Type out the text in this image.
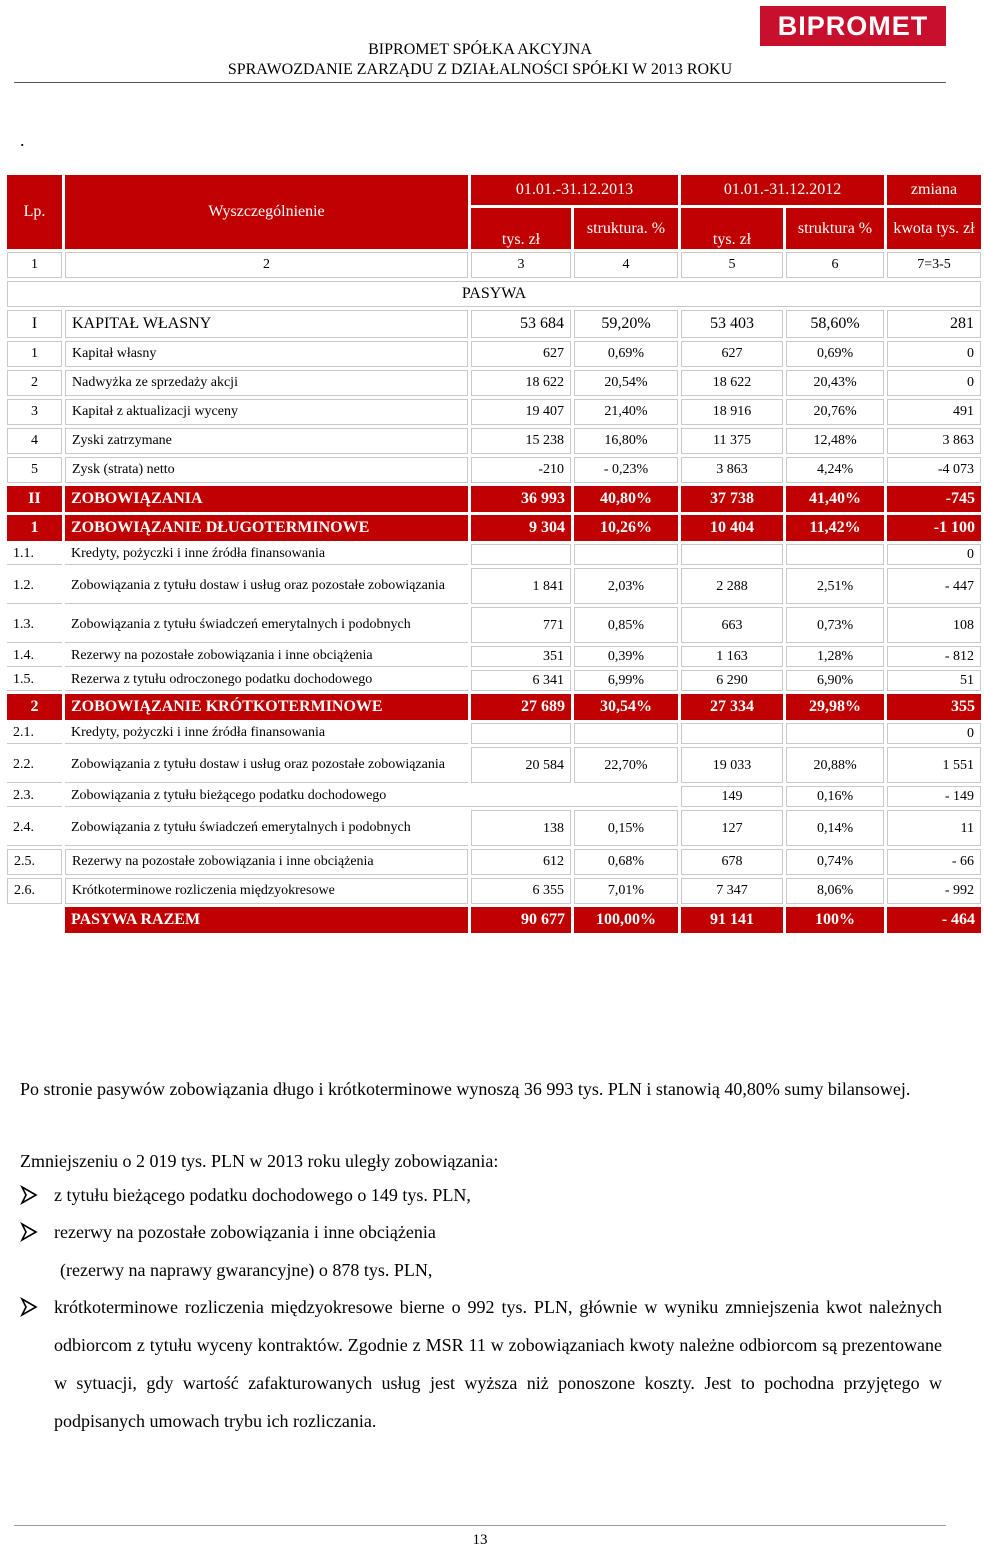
BIPROMET
BIPROMET SPÓŁKA AKCYJNA
SPRAWOZDANIE ZARZĄDU Z DZIAŁALNOŚCI SPÓŁKI W 2013 ROKU
.
Lp.	Wyszczególnienie	01.01.-31.12.2013		01.01.-31.12.2012		zmiana
		tys. zł	struktura. %	tys. zł	struktura %	kwota tys. zł
1	2	3	4	5	6	7=3-5
PASYWA						
I	KAPITAŁ WŁASNY	53 684	59,20%	53 403	58,60%	281
1	Kapitał własny	627	0,69%	627	0,69%	0
2	Nadwyżka ze sprzedaży akcji	18 622	20,54%	18 622	20,43%	0
3	Kapitał z aktualizacji wyceny	19 407	21,40%	18 916	20,76%	491
4	Zyski zatrzymane	15 238	16,80%	11 375	12,48%	3 863
5	Zysk (strata) netto	-210	- 0,23%	3 863	4,24%	-4 073
II	ZOBOWIĄZANIA	36 993	40,80%	37 738	41,40%	-745
1	ZOBOWIĄZANIE DŁUGOTERMINOWE	9 304	10,26%	10 404	11,42%	-1 100
1.1.	Kredyty, pożyczki i inne źródła finansowania					0
1.2.	Zobowiązania z tytułu dostaw i usług oraz pozostałe zobowiązania	1 841	2,03%	2 288	2,51%	- 447
1.3.	Zobowiązania z tytułu świadczeń emerytalnych i podobnych	771	0,85%	663	0,73%	108
1.4.	Rezerwy na pozostałe zobowiązania i inne obciążenia	351	0,39%	1 163	1,28%	- 812
1.5.	Rezerwa z tytułu odroczonego podatku dochodowego	6 341	6,99%	6 290	6,90%	51
2	ZOBOWIĄZANIE KRÓTKOTERMINOWE	27 689	30,54%	27 334	29,98%	355
2.1.	Kredyty, pożyczki i inne źródła finansowania					0
2.2.	Zobowiązania z tytułu dostaw i usług oraz pozostałe zobowiązania	20 584	22,70%	19 033	20,88%	1 551
2.3.	Zobowiązania z tytułu bieżącego podatku dochodowego			149	0,16%	- 149
2.4.	Zobowiązania z tytułu świadczeń emerytalnych i podobnych	138	0,15%	127	0,14%	11
2.5.	Rezerwy na pozostałe zobowiązania i inne obciążenia	612	0,68%	678	0,74%	- 66
2.6.	Krótkoterminowe rozliczenia międzyokresowe	6 355	7,01%	7 347	8,06%	- 992
	PASYWA RAZEM	90 677	100,00%	91 141	100%	- 464
Po stronie pasywów zobowiązania długo i krótkoterminowe wynoszą 36 993 tys. PLN i stanowią 40,80% sumy bilansowej.
Zmniejszeniu o 2 019 tys. PLN w 2013 roku uległy zobowiązania:
z tytułu bieżącego podatku dochodowego o 149 tys. PLN,
rezerwy na pozostałe zobowiązania i inne obciążenia
(rezerwy na naprawy gwarancyjne) o 878 tys. PLN,
krótkoterminowe rozliczenia międzyokresowe bierne o 992 tys. PLN, głównie w wyniku zmniejszenia kwot należnych odbiorcom z tytułu wyceny kontraktów. Zgodnie z MSR 11 w zobowiązaniach kwoty należne odbiorcom są prezentowane w sytuacji, gdy wartość zafakturowanych usług jest wyższa niż ponoszone koszty. Jest to pochodna przyjętego w podpisanych umowach trybu ich rozliczania.
13
